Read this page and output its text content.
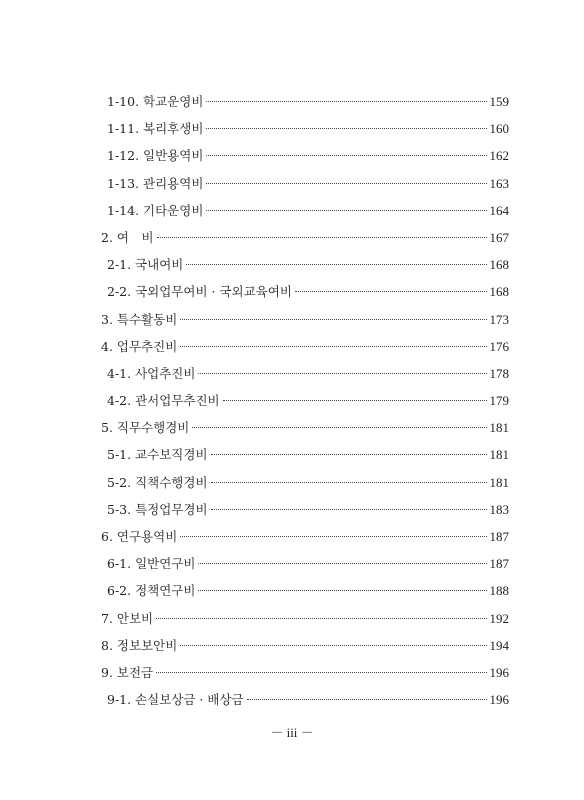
1-10. 학교운영비	159
1-11. 복리후생비	160
1-12. 일반용역비	162
1-13. 관리용역비	163
1-14. 기타운영비	164
2. 여　비	167
2-1. 국내여비	168
2-2. 국외업무여비 · 국외교육여비	168
3. 특수활동비	173
4. 업무추진비	176
4-1. 사업추진비	178
4-2. 관서업무추진비	179
5. 직무수행경비	181
5-1. 교수보직경비	181
5-2. 직책수행경비	181
5-3. 특정업무경비	183
6. 연구용역비	187
6-1. 일반연구비	187
6-2. 정책연구비	188
7. 안보비	192
8. 정보보안비	194
9. 보전금	196
9-1. 손실보상금 · 배상금	196
－ iii －
